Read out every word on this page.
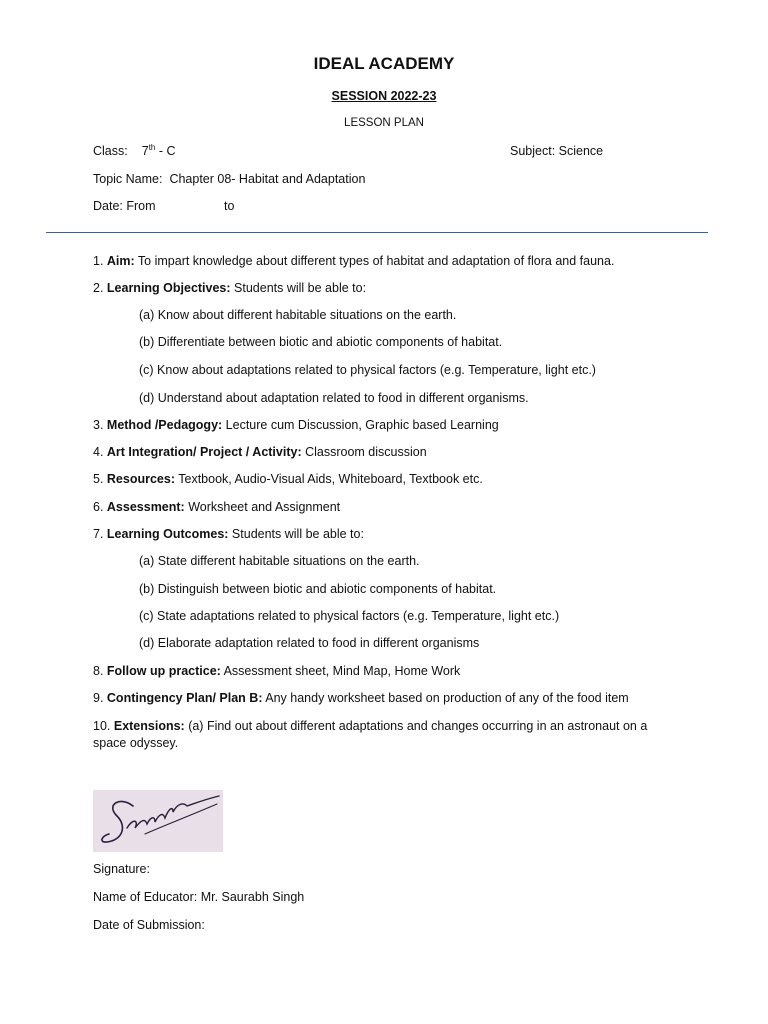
IDEAL ACADEMY
SESSION 2022-23
LESSON PLAN
Class: 7th - C	Subject: Science
Topic Name: Chapter 08- Habitat and Adaptation
Date: From	to
1. Aim: To impart knowledge about different types of habitat and adaptation of flora and fauna.
2. Learning Objectives: Students will be able to:
(a) Know about different habitable situations on the earth.
(b) Differentiate between biotic and abiotic components of habitat.
(c) Know about adaptations related to physical factors (e.g. Temperature, light etc.)
(d) Understand about adaptation related to food in different organisms.
3. Method /Pedagogy: Lecture cum Discussion, Graphic based Learning
4. Art Integration/ Project / Activity: Classroom discussion
5. Resources: Textbook, Audio-Visual Aids, Whiteboard, Textbook etc.
6. Assessment: Worksheet and Assignment
7. Learning Outcomes: Students will be able to:
(a) State different habitable situations on the earth.
(b) Distinguish between biotic and abiotic components of habitat.
(c) State adaptations related to physical factors (e.g. Temperature, light etc.)
(d) Elaborate adaptation related to food in different organisms
8. Follow up practice: Assessment sheet, Mind Map, Home Work
9. Contingency Plan/ Plan B: Any handy worksheet based on production of any of the food item
10. Extensions: (a) Find out about different adaptations and changes occurring in an astronaut on a space odyssey.
Signature:
Name of Educator: Mr. Saurabh Singh
Date of Submission:
